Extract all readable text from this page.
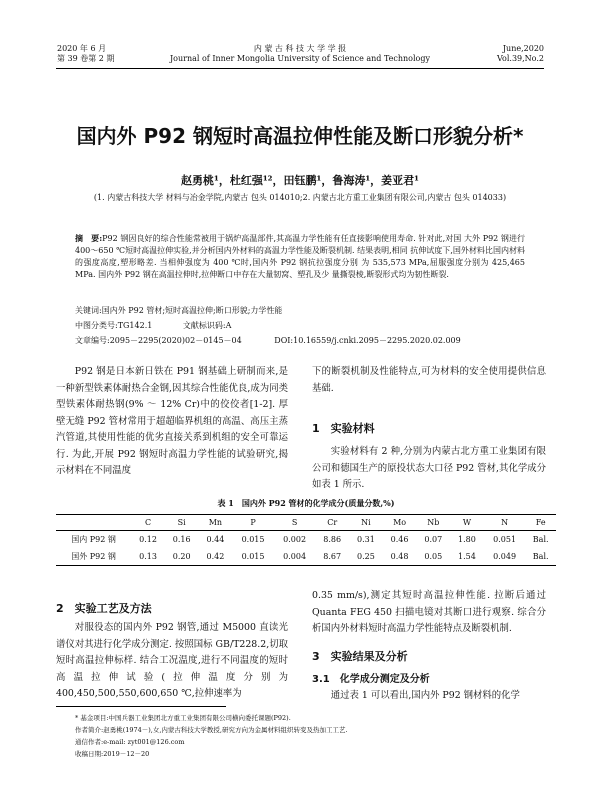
2020 年 6 月
第 39 卷第 2 期
内 蒙 古 科 技 大 学 学 报
Journal of Inner Mongolia University of Science and Technology
June,2020
Vol.39,No.2
国内外 P92 钢短时高温拉伸性能及断口形貌分析*
赵勇桃¹，杜红强¹²，田钰鹏¹，鲁海涛¹，姜亚君¹
(1. 内蒙古科技大学 材料与冶金学院,内蒙古 包头 014010;2. 内蒙古北方重工业集团有限公司,内蒙古 包头 014033)
摘　要:P92 钢因良好的综合性能常被用于锅炉高温部件,其高温力学性能有任直接影响使用寿命. 针对此,对国 大外 P92 钢进行 400～650 ℃短时高温拉伸实验,并分析国内外材料的高温力学性能及断裂机制. 结果表明,相同 抗伸试度下,国外材料比国内材料的强度高度,塑形略差. 当相伸强度为 400 ℃时,国内外 P92 钢抗拉强度分别 为 535,573 MPa,屈服强度分别为 425,465 MPa. 国内外 P92 钢在高温拉伸时,拉伸断口中存在大量韧窝、塑孔及少 量撕裂棱,断裂形式均为韧性断裂.
关键词:国内外 P92 管材;短时高温拉伸;断口形貌;力学性能
中图分类号:TG142.1	文献标识码:A
文章编号:2095－2295(2020)02－0145－04	DOI:10.16559/j.cnki.2095－2295.2020.02.009
P92 钢是日本新日铁在 P91 钢基础上研制而来,是一种新型铁素体耐热合金钢,因其综合性能优良,成为同类型铁素体耐热钢(9% ～ 12% Cr)中的佼佼者[1-2]. 厚壁无缝 P92 管材常用于超超临界机组的高温、高压主蒸汽管道,其使用性能的优劣直接关系到机组的安全可靠运行. 为此,开展 P92 钢短时高温力学性能的试验研究,揭示材料在不同温度
下的断裂机制及性能特点,可为材料的安全使用提供信息基础.
1　实验材料
实验材料有 2 种,分别为内蒙古北方重工业集团有限公司和德国生产的原投状态大口径 P92 管材,其化学成分如表 1 所示.
表 1　国内外 P92 管材的化学成分(质量分数,%)
	C	Si	Mn	P	S	Cr	Ni	Mo	Nb	W	N	Fe
国内 P92 钢	0.12	0.16	0.44	0.015	0.002	8.86	0.31	0.46	0.07	1.80	0.051	Bal.
国外 P92 钢	0.13	0.20	0.42	0.015	0.004	8.67	0.25	0.48	0.05	1.54	0.049	Bal.
2　实验工艺及方法
对服役态的国内外 P92 钢管,通过 M5000 直读光谱仪对其进行化学成分测定. 按照国标 GB/T228.2,切取短时高温拉伸标样. 结合工况温度,进行不同温度的短时高温拉伸试验(拉伸温度分别为 400,450,500,550,600,650 ℃,拉伸速率为
0.35 mm/s),测定其短时高温拉伸性能. 拉断后通过 Quanta FEG 450 扫描电镜对其断口进行观察. 综合分析国内外材料短时高温力学性能特点及断裂机制.
3　实验结果及分析
3.1　化学成分测定及分析
通过表 1 可以看出,国内外 P92 钢材料的化学
* 基金项目:中国兵器工业集团北方重工业集团有限公司横向委托课题(P92).
作者简介:赵勇桃(1974－),女,内蒙古科技大学教授,研究方向为金属材料组织转变及热加工工艺.
通信作者:e-mail: zyt001@126.com
收稿日期:2019－12－20
